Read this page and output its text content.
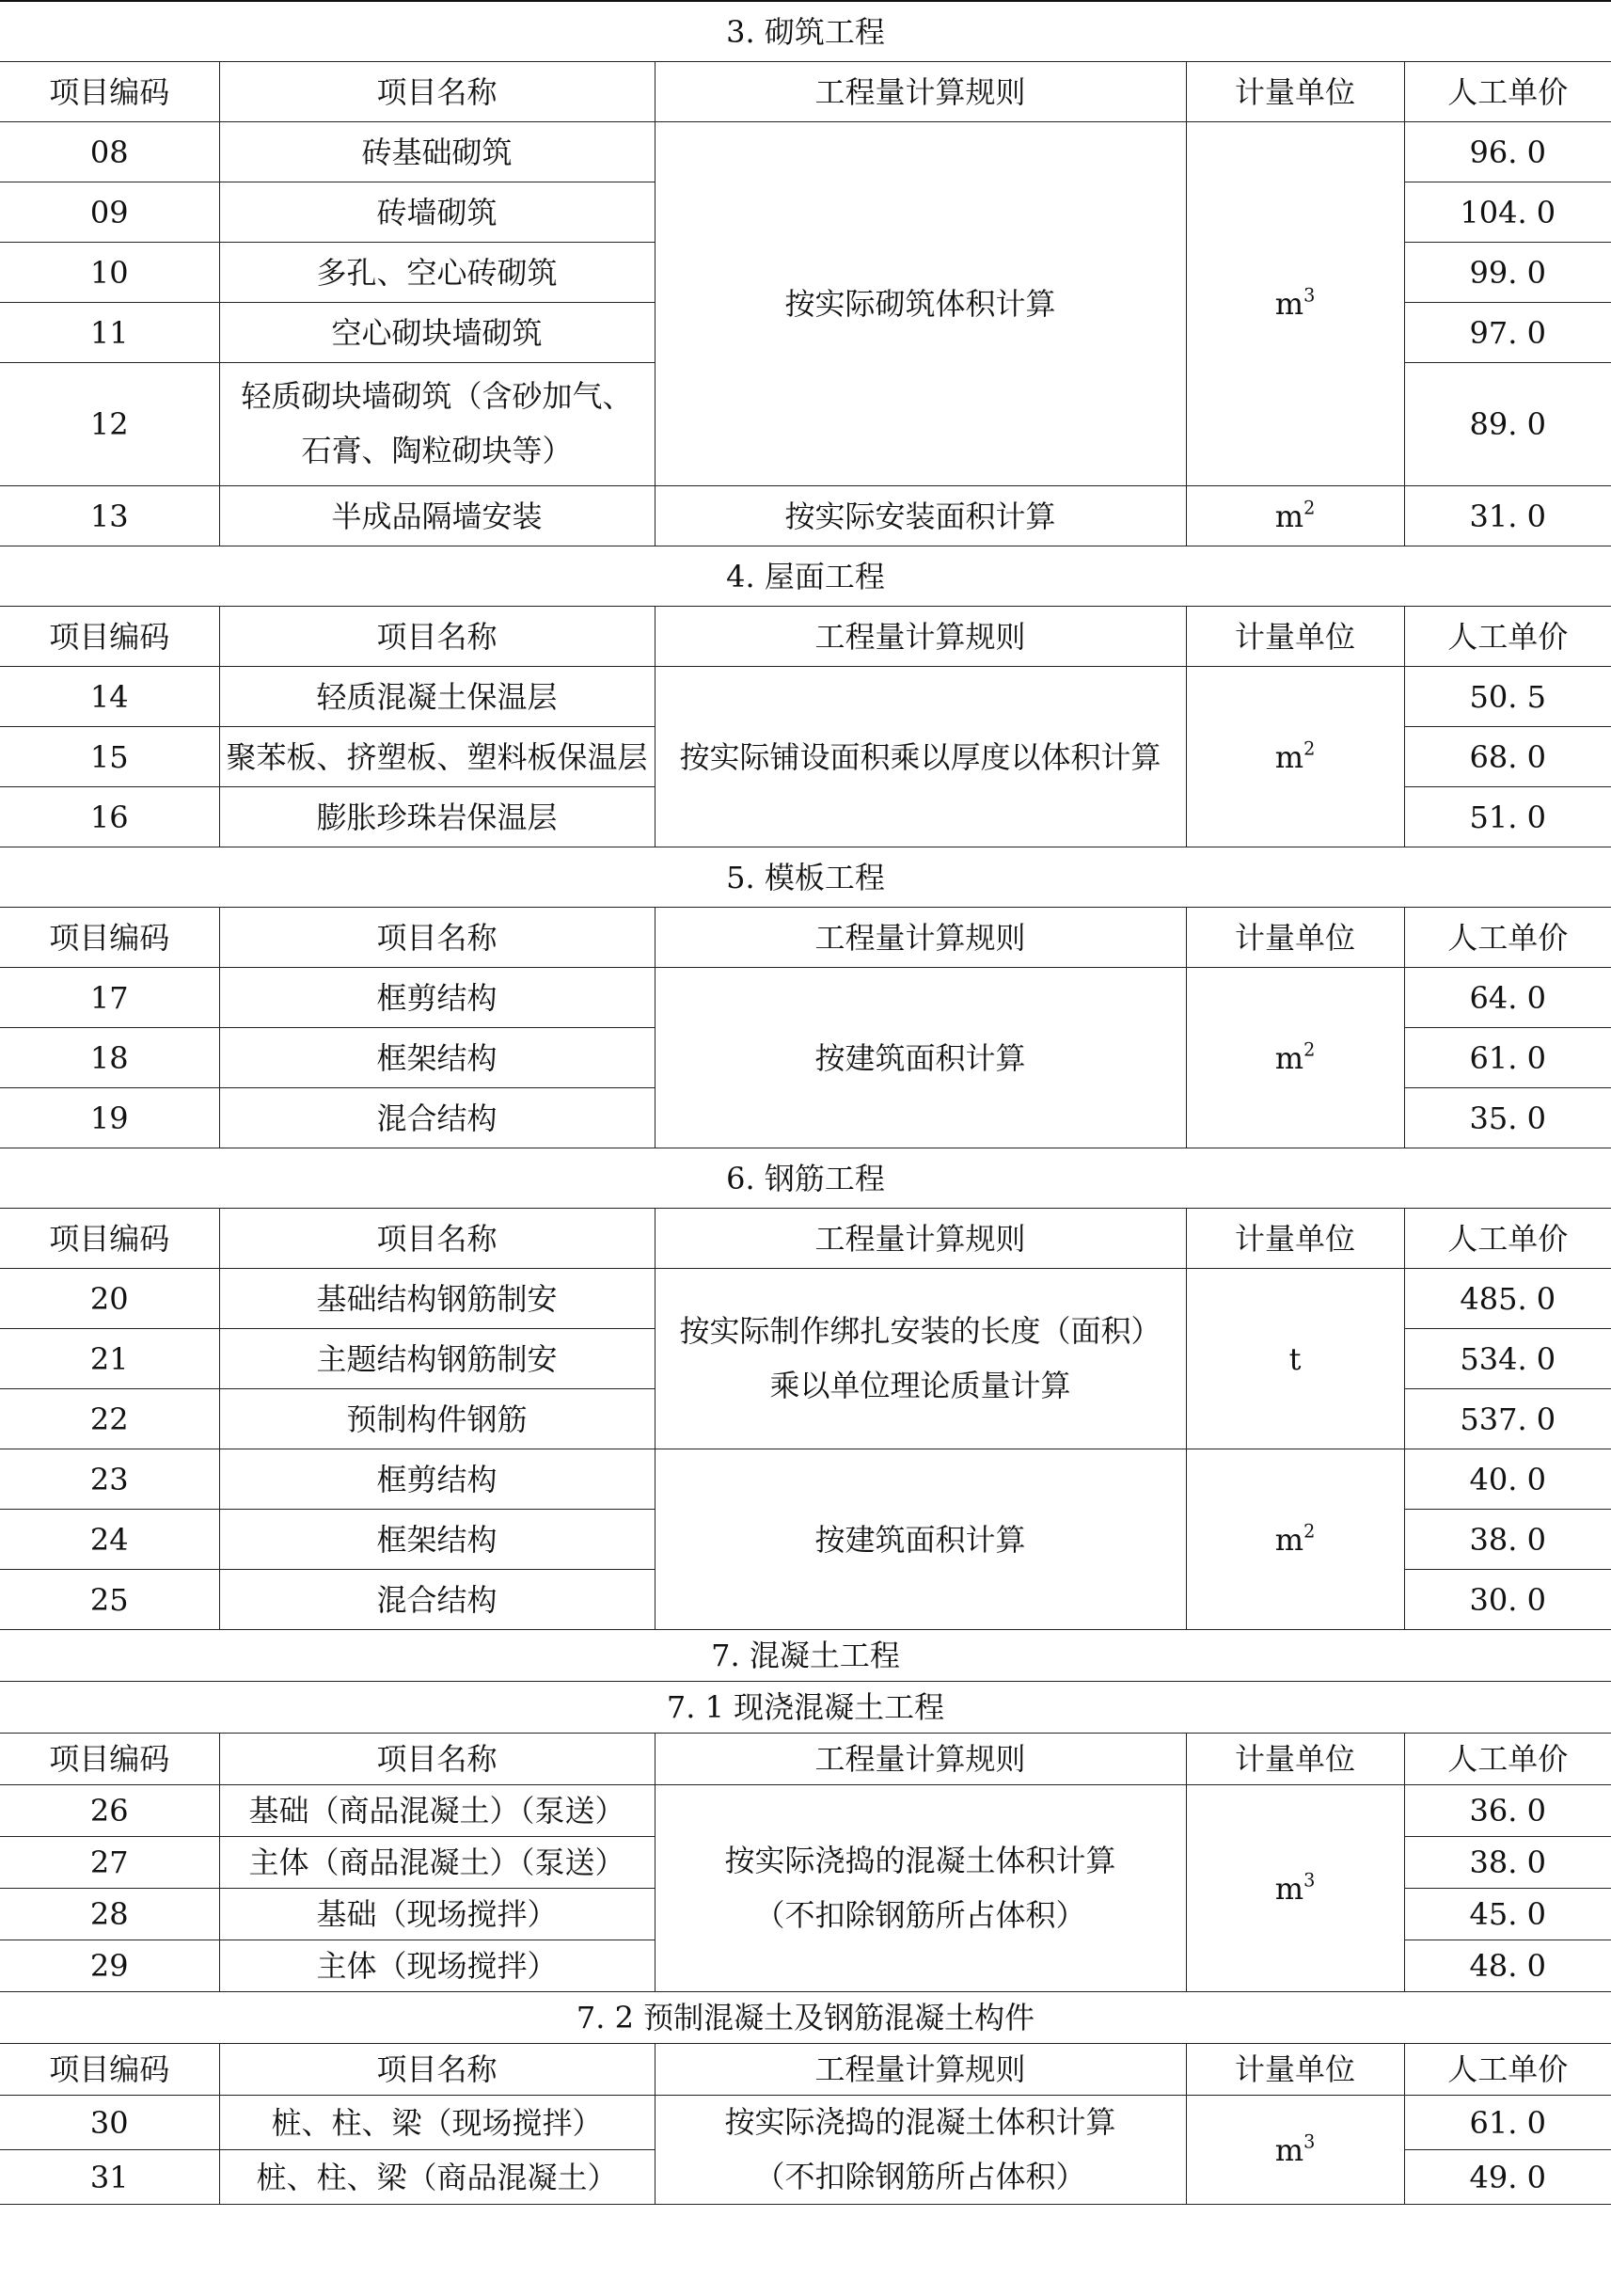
3. 砌筑工程				
项目编码	项目名称	工程量计算规则	计量单位	人工单价
08	砖基础砌筑	按实际砌筑体积计算	$m^3$	96. 0
09	砖墙砌筑			104. 0
10	多孔、空心砖砌筑			99. 0
11	空心砌块墙砌筑			97. 0
12	轻质砌块墙砌筑（含砂加气、
石膏、陶粒砌块等）			89. 0
13	半成品隔墙安装	按实际安装面积计算	$m^2$	31. 0
4. 屋面工程				
项目编码	项目名称	工程量计算规则	计量单位	人工单价
14	轻质混凝土保温层	按实际铺设面积乘以厚度以体积计算	$m^2$	50. 5
15	聚苯板、挤塑板、塑料板保温层			68. 0
16	膨胀珍珠岩保温层			51. 0
5. 模板工程				
项目编码	项目名称	工程量计算规则	计量单位	人工单价
17	框剪结构	按建筑面积计算	$m^2$	64. 0
18	框架结构			61. 0
19	混合结构			35. 0
6. 钢筋工程				
项目编码	项目名称	工程量计算规则	计量单位	人工单价
20	基础结构钢筋制安	按实际制作绑扎安装的长度（面积）
乘以单位理论质量计算	t	485. 0
21	主题结构钢筋制安			534. 0
22	预制构件钢筋			537. 0
23	框剪结构	按建筑面积计算	$m^2$	40. 0
24	框架结构			38. 0
25	混合结构			30. 0
7. 混凝土工程				
7. 1 现浇混凝土工程				
项目编码	项目名称	工程量计算规则	计量单位	人工单价
26	基础（商品混凝土）（泵送）	按实际浇捣的混凝土体积计算
（不扣除钢筋所占体积）	$m^3$	36. 0
27	主体（商品混凝土）（泵送）			38. 0
28	基础（现场搅拌）			45. 0
29	主体（现场搅拌）			48. 0
7. 2 预制混凝土及钢筋混凝土构件				
项目编码	项目名称	工程量计算规则	计量单位	人工单价
30	桩、柱、梁（现场搅拌）	按实际浇捣的混凝土体积计算
（不扣除钢筋所占体积）	$m^3$	61. 0
31	桩、柱、梁（商品混凝土）			49. 0
